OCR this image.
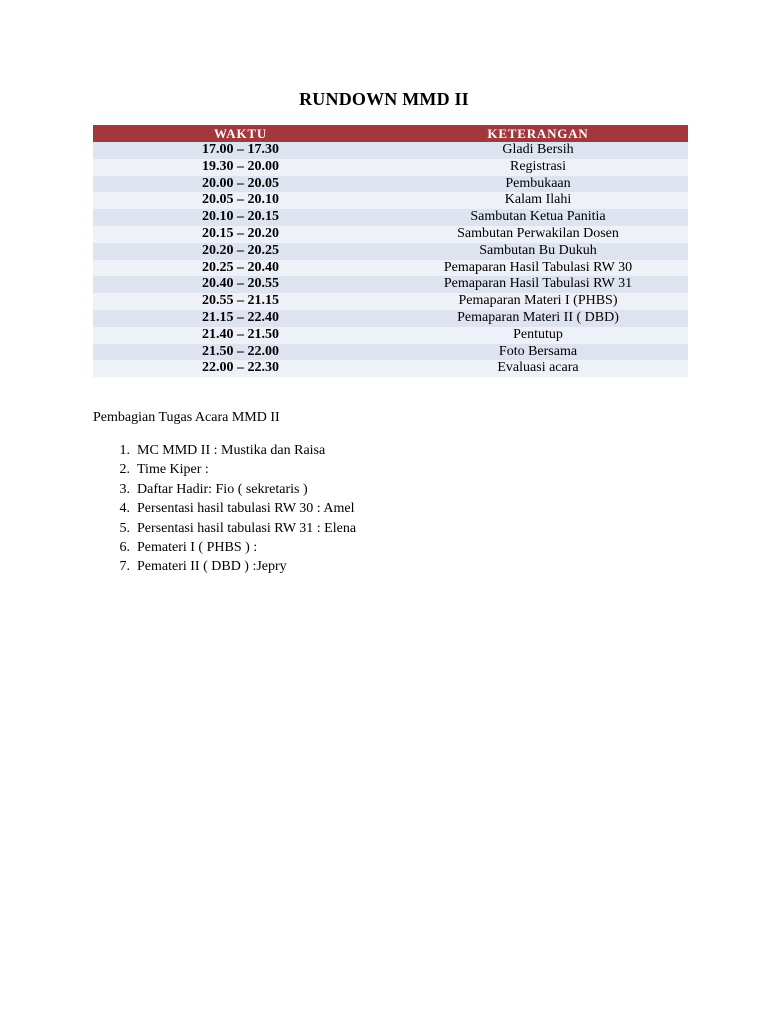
RUNDOWN MMD II
WAKTU	KETERANGAN
17.00 – 17.30	Gladi Bersih
19.30 – 20.00	Registrasi
20.00 – 20.05	Pembukaan
20.05 – 20.10	Kalam Ilahi
20.10 – 20.15	Sambutan Ketua Panitia
20.15 – 20.20	Sambutan Perwakilan Dosen
20.20 – 20.25	Sambutan Bu Dukuh
20.25 – 20.40	Pemaparan Hasil Tabulasi RW 30
20.40 – 20.55	Pemaparan Hasil Tabulasi RW 31
20.55 – 21.15	Pemaparan Materi I (PHBS)
21.15 – 22.40	Pemaparan Materi II ( DBD)
21.40 – 21.50	Pentutup
21.50 – 22.00	Foto Bersama
22.00 – 22.30	Evaluasi acara
Pembagian Tugas Acara MMD II
1. MC MMD II : Mustika dan Raisa
2. Time Kiper :
3. Daftar Hadir: Fio ( sekretaris )
4. Persentasi hasil tabulasi RW 30 : Amel
5. Persentasi hasil tabulasi RW 31 : Elena
6. Pemateri I ( PHBS ) :
7. Pemateri II ( DBD ) :Jepry
